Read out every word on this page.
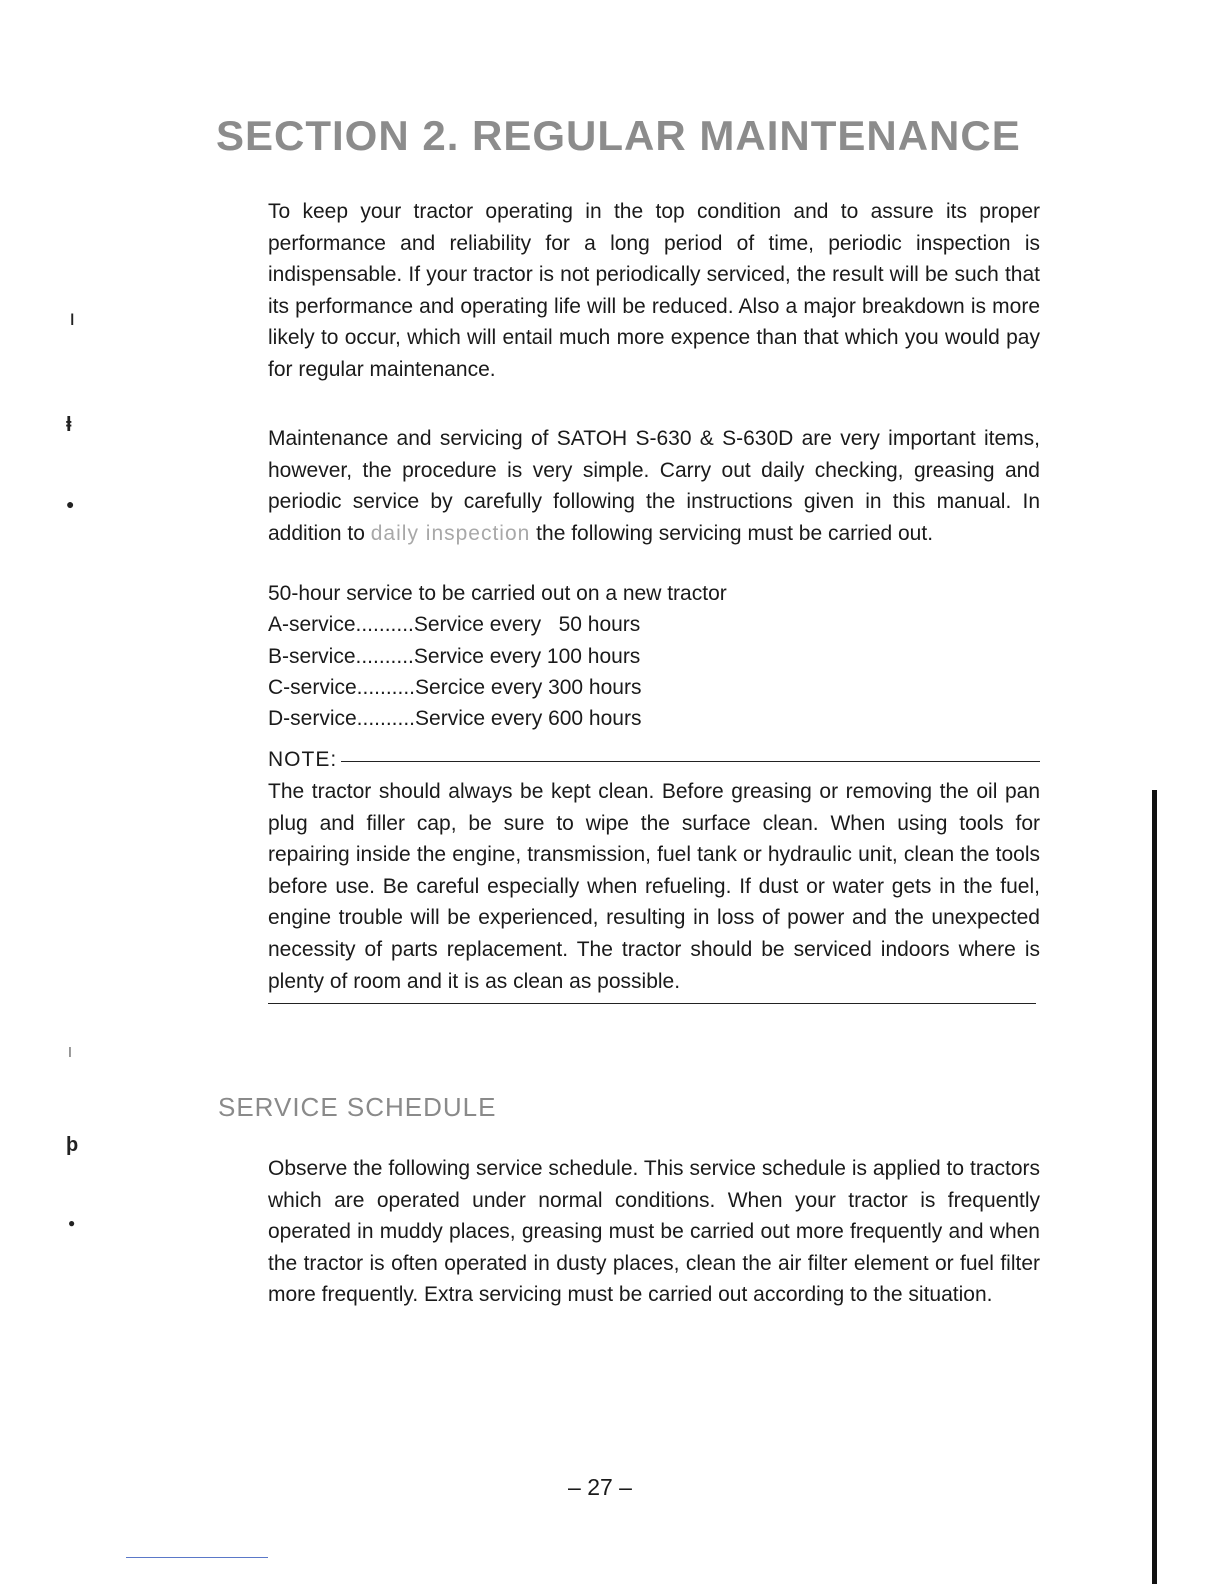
SECTION 2. REGULAR MAINTENANCE

To keep your tractor operating in the top condition and to assure its proper performance and reliability for a long period of time, periodic inspection is indispensable. If your tractor is not periodically serviced, the result will be such that its performance and operating life will be reduced. Also a major breakdown is more likely to occur, which will entail much more expence than that which you would pay for regular maintenance.

Maintenance and servicing of SATOH S-630 & S-630D are very important items, however, the procedure is very simple. Carry out daily checking, greasing and periodic service by carefully following the instructions given in this manual. In addition to daily inspection the following servicing must be carried out.

50-hour service to be carried out on a new tractor
A-service..........Service every   50 hours
B-service..........Service every 100 hours
C-service..........Sercice every 300 hours
D-service..........Service every 600 hours
NOTE:

The tractor should always be kept clean. Before greasing or removing the oil pan plug and filler cap, be sure to wipe the surface clean. When using tools for repairing inside the engine, transmission, fuel tank or hydraulic unit, clean the tools before use. Be careful especially when refueling. If dust or water gets in the fuel, engine trouble will be experienced, resulting in loss of power and the unexpected necessity of parts replacement. The tractor should be serviced indoors where is plenty of room and it is as clean as possible.

SERVICE SCHEDULE

Observe the following service schedule. This service schedule is applied to tractors which are operated under normal conditions. When your tractor is frequently operated in muddy places, greasing must be carried out more frequently and when the tractor is often operated in dusty places, clean the air filter element or fuel filter more frequently. Extra servicing must be carried out according to the situation.

– 27 –
ǀ
ⱡ
●
ǀ
ϸ
●
